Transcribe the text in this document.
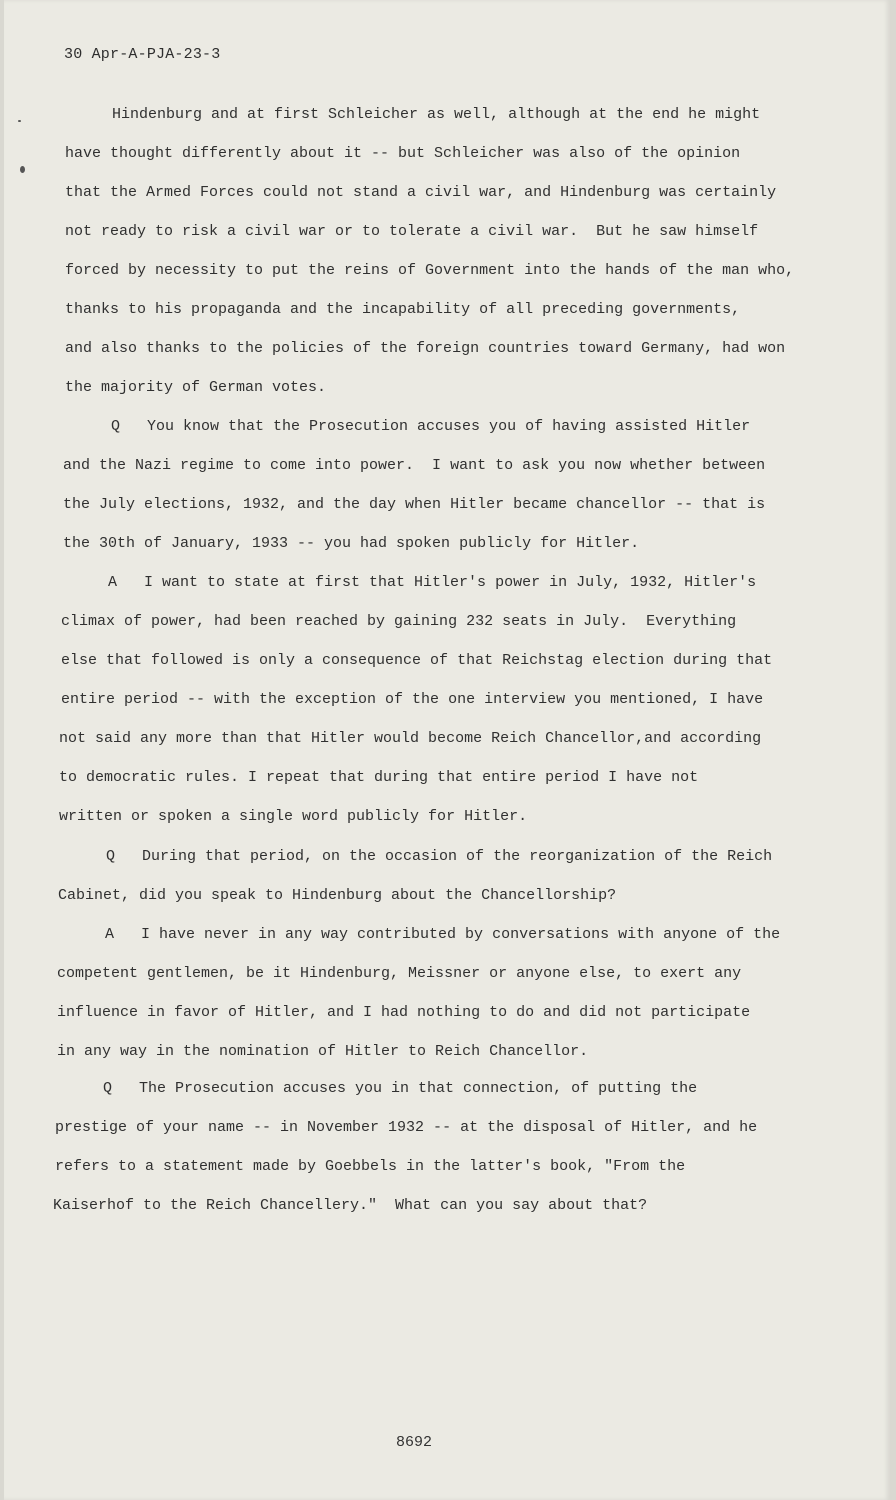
30 Apr-A-PJA-23-3
Hindenburg and at first Schleicher as well, although at the end he might
have thought differently about it -- but Schleicher was also of the opinion
that the Armed Forces could not stand a civil war, and Hindenburg was certainly
not ready to risk a civil war or to tolerate a civil war.  But he saw himself
forced by necessity to put the reins of Government into the hands of the man who,
thanks to his propaganda and the incapability of all preceding governments,
and also thanks to the policies of the foreign countries toward Germany, had won
the majority of German votes.
Q   You know that the Prosecution accuses you of having assisted Hitler
and the Nazi regime to come into power.  I want to ask you now whether between
the July elections, 1932, and the day when Hitler became chancellor -- that is
the 30th of January, 1933 -- you had spoken publicly for Hitler.
A   I want to state at first that Hitler's power in July, 1932, Hitler's
climax of power, had been reached by gaining 232 seats in July.  Everything
else that followed is only a consequence of that Reichstag election during that
entire period -- with the exception of the one interview you mentioned, I have
not said any more than that Hitler would become Reich Chancellor,and according
to democratic rules. I repeat that during that entire period I have not
written or spoken a single word publicly for Hitler.
Q   During that period, on the occasion of the reorganization of the Reich
Cabinet, did you speak to Hindenburg about the Chancellorship?
A   I have never in any way contributed by conversations with anyone of the
competent gentlemen, be it Hindenburg, Meissner or anyone else, to exert any
influence in favor of Hitler, and I had nothing to do and did not participate
in any way in the nomination of Hitler to Reich Chancellor.
Q   The Prosecution accuses you in that connection, of putting the
prestige of your name -- in November 1932 -- at the disposal of Hitler, and he
refers to a statement made by Goebbels in the latter's book, "From the
Kaiserhof to the Reich Chancellery."  What can you say about that?
8692
